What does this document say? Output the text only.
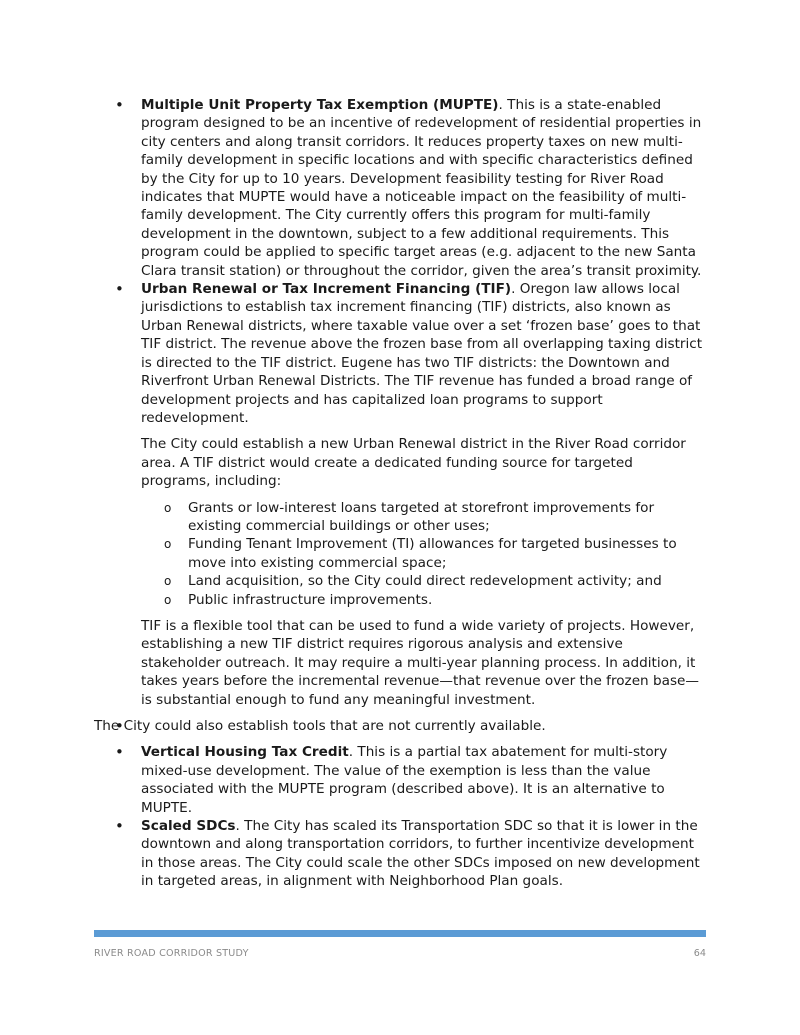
• Multiple Unit Property Tax Exemption (MUPTE). This is a state-enabled program designed to be an incentive of redevelopment of residential properties in city centers and along transit corridors. It reduces property taxes on new multi-family development in specific locations and with specific characteristics defined by the City for up to 10 years. Development feasibility testing for River Road indicates that MUPTE would have a noticeable impact on the feasibility of multi-family development. The City currently offers this program for multi-family development in the downtown, subject to a few additional requirements. This program could be applied to specific target areas (e.g. adjacent to the new Santa Clara transit station) or throughout the corridor, given the area’s transit proximity.

• Urban Renewal or Tax Increment Financing (TIF). Oregon law allows local jurisdictions to establish tax increment financing (TIF) districts, also known as Urban Renewal districts, where taxable value over a set ‘frozen base’ goes to that TIF district. The revenue above the frozen base from all overlapping taxing district is directed to the TIF district. Eugene has two TIF districts: the Downtown and Riverfront Urban Renewal Districts. The TIF revenue has funded a broad range of development projects and has capitalized loan programs to support redevelopment.

The City could establish a new Urban Renewal district in the River Road corridor area. A TIF district would create a dedicated funding source for targeted programs, including:

o Grants or low-interest loans targeted at storefront improvements for existing commercial buildings or other uses;
o Funding Tenant Improvement (TI) allowances for targeted businesses to move into existing commercial space;
o Land acquisition, so the City could direct redevelopment activity; and
o Public infrastructure improvements.

TIF is a flexible tool that can be used to fund a wide variety of projects. However, establishing a new TIF district requires rigorous analysis and extensive stakeholder outreach. It may require a multi-year planning process. In addition, it takes years before the incremental revenue—that revenue over the frozen base—is substantial enough to fund any meaningful investment.

• The City could also establish tools that are not currently available.

• Vertical Housing Tax Credit. This is a partial tax abatement for multi-story mixed-use development. The value of the exemption is less than the value associated with the MUPTE program (described above). It is an alternative to MUPTE.

• Scaled SDCs. The City has scaled its Transportation SDC so that it is lower in the downtown and along transportation corridors, to further incentivize development in those areas. The City could scale the other SDCs imposed on new development in targeted areas, in alignment with Neighborhood Plan goals.

RIVER ROAD CORRIDOR STUDY	64
